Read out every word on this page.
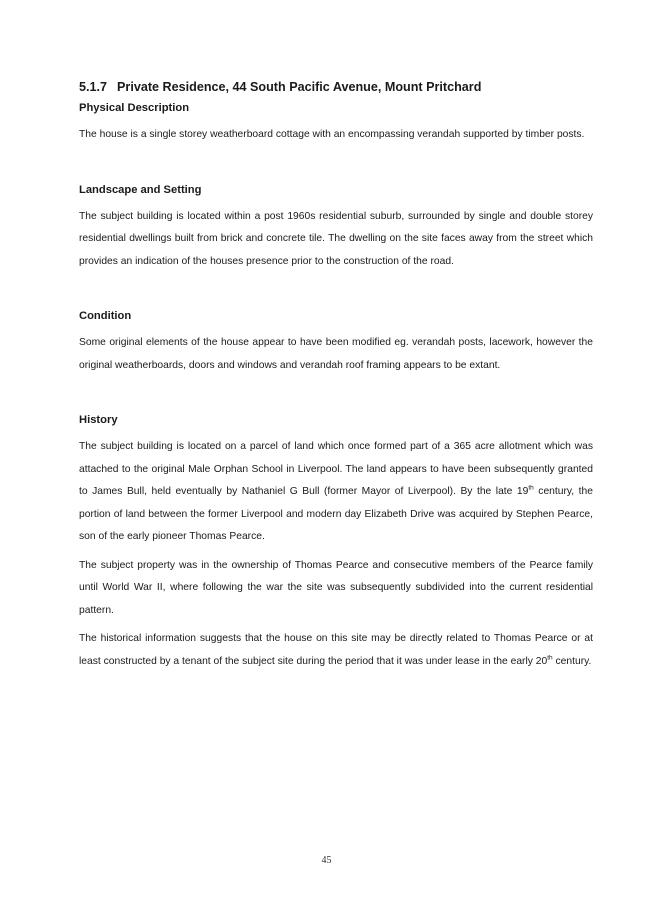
5.1.7 Private Residence, 44 South Pacific Avenue, Mount Pritchard
Physical Description

The house is a single storey weatherboard cottage with an encompassing verandah supported by timber posts.

Landscape and Setting

The subject building is located within a post 1960s residential suburb, surrounded by single and double storey residential dwellings built from brick and concrete tile. The dwelling on the site faces away from the street which provides an indication of the houses presence prior to the construction of the road.

Condition

Some original elements of the house appear to have been modified eg. verandah posts, lacework, however the original weatherboards, doors and windows and verandah roof framing appears to be extant.

History

The subject building is located on a parcel of land which once formed part of a 365 acre allotment which was attached to the original Male Orphan School in Liverpool. The land appears to have been subsequently granted to James Bull, held eventually by Nathaniel G Bull (former Mayor of Liverpool). By the late 19th century, the portion of land between the former Liverpool and modern day Elizabeth Drive was acquired by Stephen Pearce, son of the early pioneer Thomas Pearce.

The subject property was in the ownership of Thomas Pearce and consecutive members of the Pearce family until World War II, where following the war the site was subsequently subdivided into the current residential pattern.

The historical information suggests that the house on this site may be directly related to Thomas Pearce or at least constructed by a tenant of the subject site during the period that it was under lease in the early 20th century.

45
